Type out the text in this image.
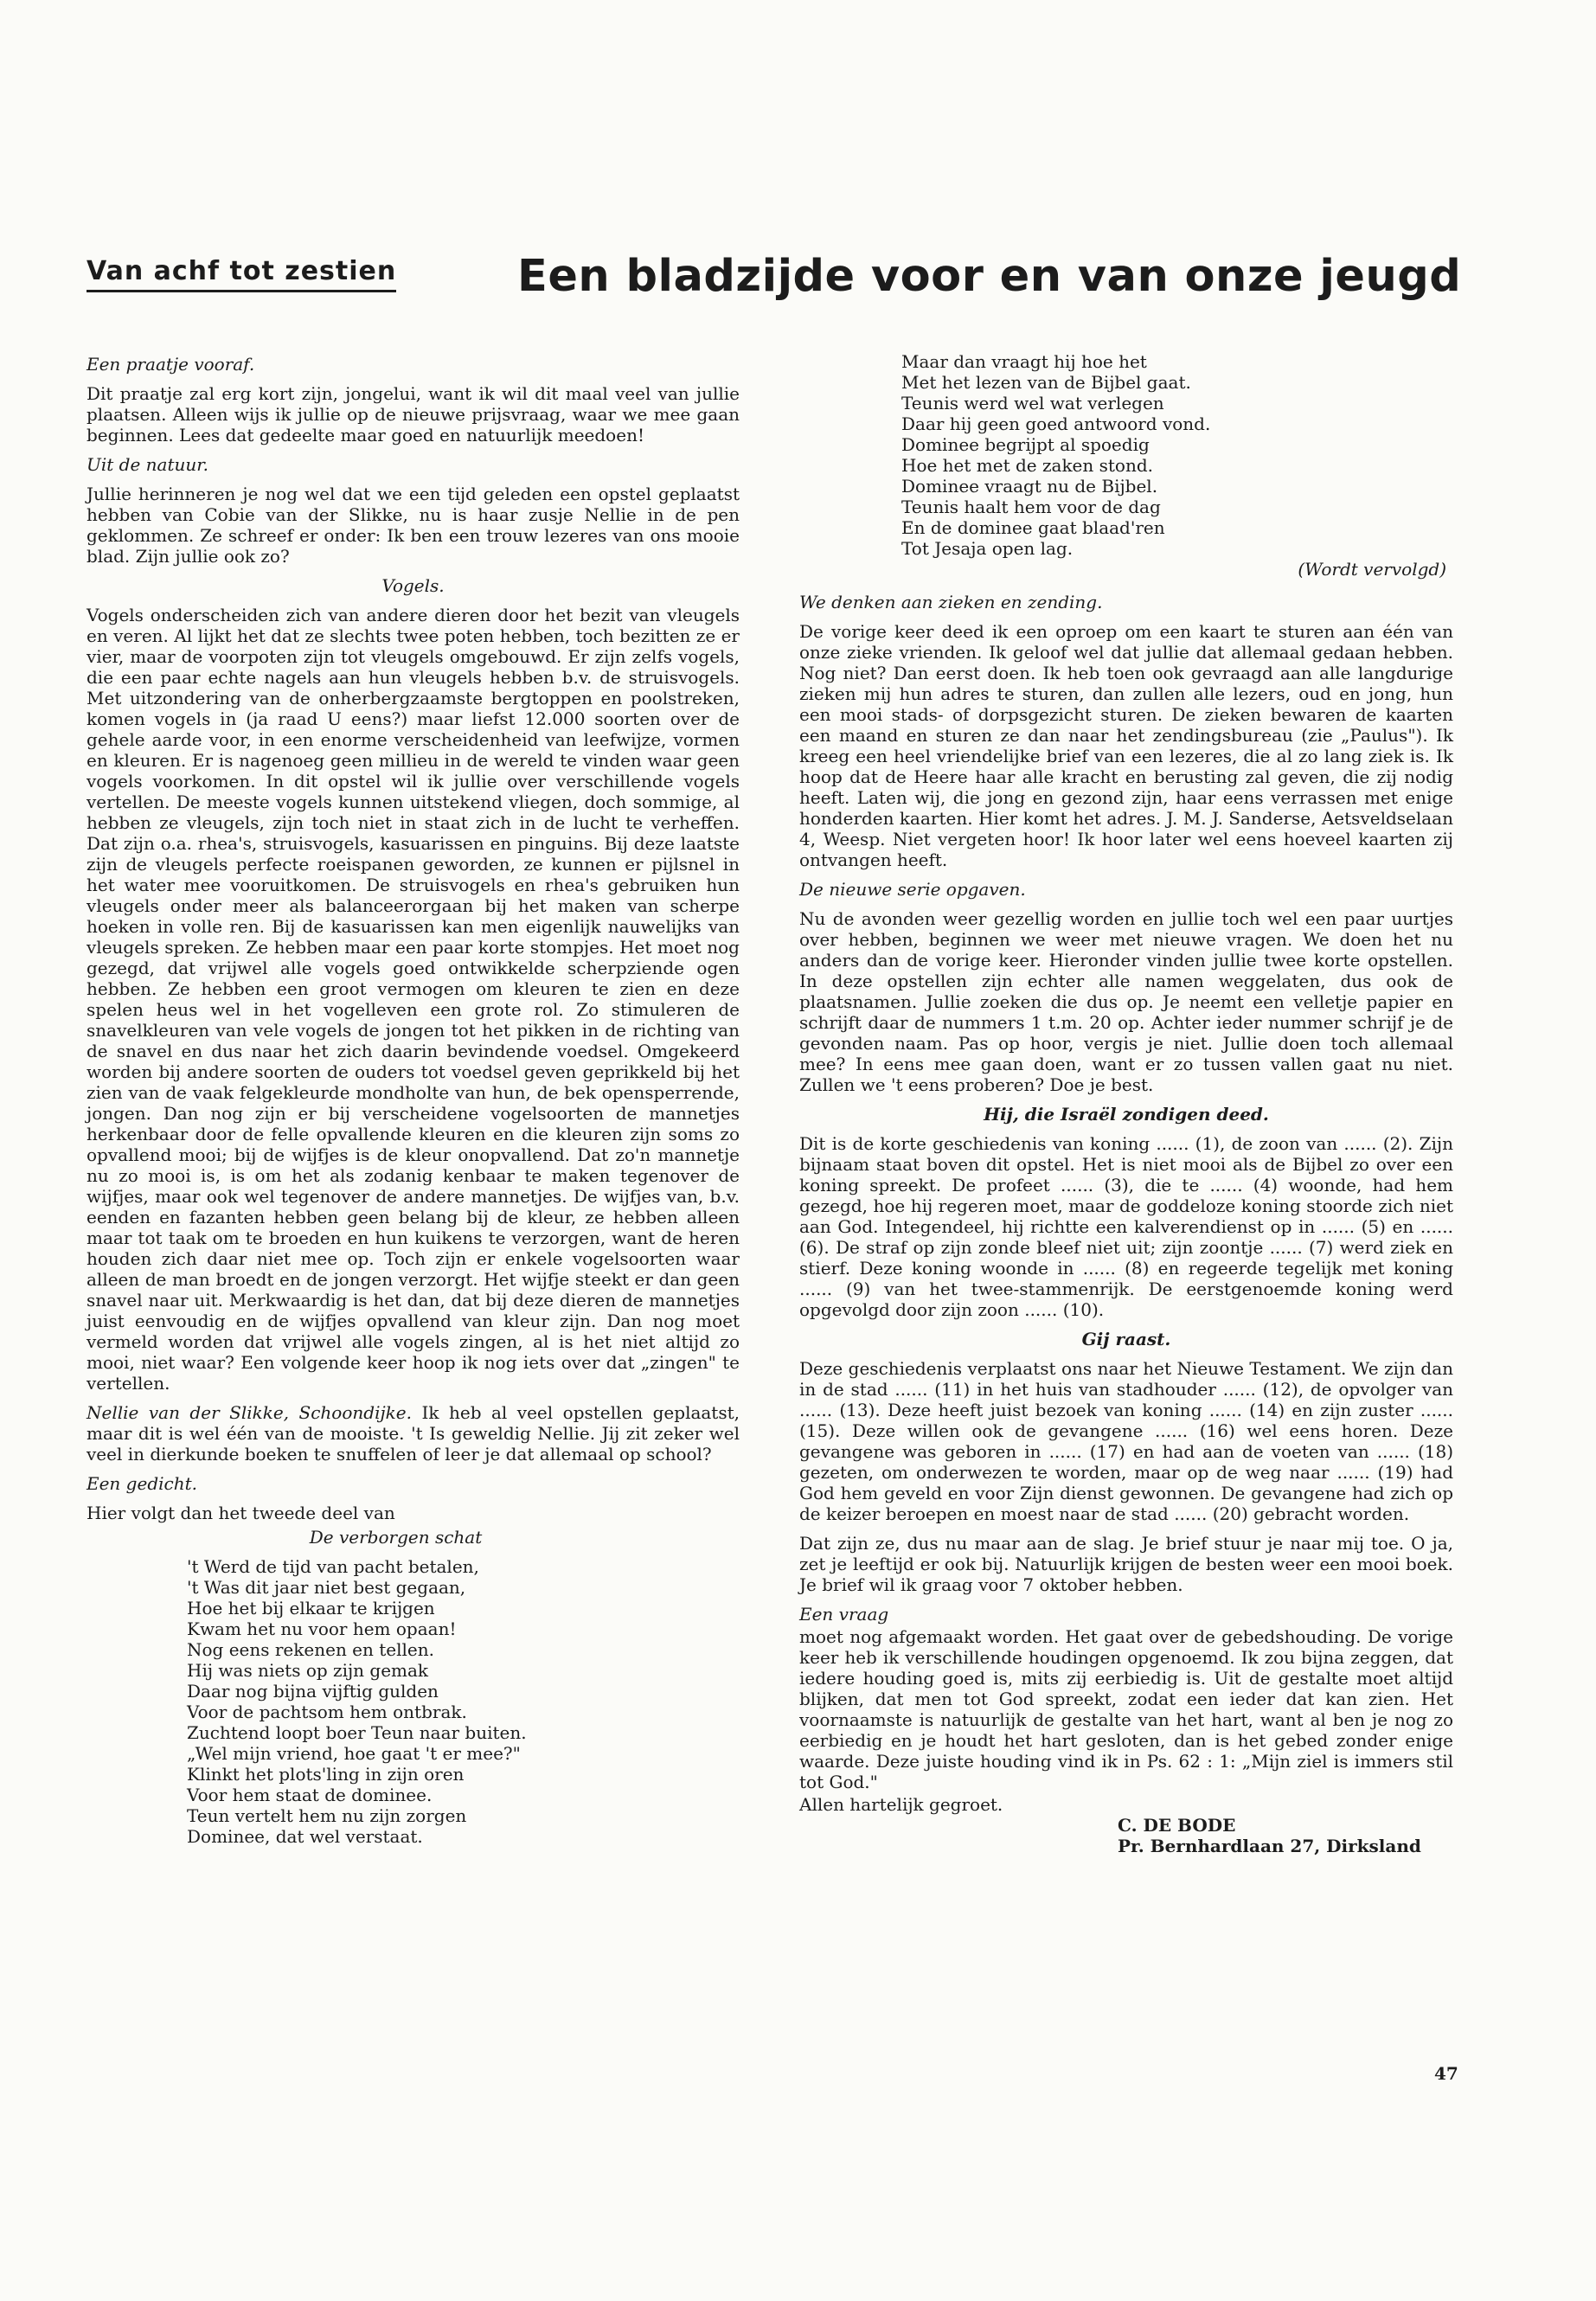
Van achf tot zestien	Een bladzijde voor en van onze jeugd
Een praatje vooraf.

Dit praatje zal erg kort zijn, jongelui, want ik wil dit maal veel van jullie plaatsen. Alleen wijs ik jullie op de nieuwe prijsvraag, waar we mee gaan beginnen. Lees dat gedeelte maar goed en natuurlijk meedoen!

Uit de natuur.

Jullie herinneren je nog wel dat we een tijd geleden een opstel geplaatst hebben van Cobie van der Slikke, nu is haar zusje Nellie in de pen geklommen. Ze schreef er onder: Ik ben een trouw lezeres van ons mooie blad. Zijn jullie ook zo?

Vogels.

Vogels onderscheiden zich van andere dieren door het bezit van vleugels en veren. Al lijkt het dat ze slechts twee poten hebben, toch bezitten ze er vier, maar de voorpoten zijn tot vleugels omgebouwd. Er zijn zelfs vogels, die een paar echte nagels aan hun vleugels hebben b.v. de struisvogels. Met uitzondering van de onherbergzaamste bergtoppen en poolstreken, komen vogels in (ja raad U eens?) maar liefst 12.000 soorten over de gehele aarde voor, in een enorme verscheidenheid van leefwijze, vormen en kleuren. Er is nagenoeg geen millieu in de wereld te vinden waar geen vogels voorkomen. In dit opstel wil ik jullie over verschillende vogels vertellen. De meeste vogels kunnen uitstekend vliegen, doch sommige, al hebben ze vleugels, zijn toch niet in staat zich in de lucht te verheffen. Dat zijn o.a. rhea's, struisvogels, kasuarissen en pinguins. Bij deze laatste zijn de vleugels perfecte roeispanen geworden, ze kunnen er pijlsnel in het water mee vooruitkomen. De struisvogels en rhea's gebruiken hun vleugels onder meer als balanceerorgaan bij het maken van scherpe hoeken in volle ren. Bij de kasuarissen kan men eigenlijk nauwelijks van vleugels spreken. Ze hebben maar een paar korte stompjes. Het moet nog gezegd, dat vrijwel alle vogels goed ontwikkelde scherpziende ogen hebben. Ze hebben een groot vermogen om kleuren te zien en deze spelen heus wel in het vogelleven een grote rol. Zo stimuleren de snavelkleuren van vele vogels de jongen tot het pikken in de richting van de snavel en dus naar het zich daarin bevindende voedsel. Omgekeerd worden bij andere soorten de ouders tot voedsel geven geprikkeld bij het zien van de vaak felgekleurde mondholte van hun, de bek opensperrende, jongen. Dan nog zijn er bij verscheidene vogelsoorten de mannetjes herkenbaar door de felle opvallende kleuren en die kleuren zijn soms zo opvallend mooi; bij de wijfjes is de kleur onopvallend. Dat zo'n mannetje nu zo mooi is, is om het als zodanig kenbaar te maken tegenover de wijfjes, maar ook wel tegenover de andere mannetjes. De wijfjes van, b.v. eenden en fazanten hebben geen belang bij de kleur, ze hebben alleen maar tot taak om te broeden en hun kuikens te verzorgen, want de heren houden zich daar niet mee op. Toch zijn er enkele vogelsoorten waar alleen de man broedt en de jongen verzorgt. Het wijfje steekt er dan geen snavel naar uit. Merkwaardig is het dan, dat bij deze dieren de mannetjes juist eenvoudig en de wijfjes opvallend van kleur zijn. Dan nog moet vermeld worden dat vrijwel alle vogels zingen, al is het niet altijd zo mooi, niet waar? Een volgende keer hoop ik nog iets over dat „zingen" te vertellen.

Nellie van der Slikke, Schoondijke. Ik heb al veel opstellen geplaatst, maar dit is wel één van de mooiste. 't Is geweldig Nellie. Jij zit zeker wel veel in dierkunde boeken te snuffelen of leer je dat allemaal op school?

Een gedicht.

Hier volgt dan het tweede deel van

De verborgen schat
't Werd de tijd van pacht betalen,
't Was dit jaar niet best gegaan,
Hoe het bij elkaar te krijgen
Kwam het nu voor hem opaan!
Nog eens rekenen en tellen.
Hij was niets op zijn gemak
Daar nog bijna vijftig gulden
Voor de pachtsom hem ontbrak.
Zuchtend loopt boer Teun naar buiten.
„Wel mijn vriend, hoe gaat 't er mee?"
Klinkt het plots'ling in zijn oren
Voor hem staat de dominee.
Teun vertelt hem nu zijn zorgen
Dominee, dat wel verstaat.
Maar dan vraagt hij hoe het
Met het lezen van de Bijbel gaat.
Teunis werd wel wat verlegen
Daar hij geen goed antwoord vond.
Dominee begrijpt al spoedig
Hoe het met de zaken stond.
Dominee vraagt nu de Bijbel.
Teunis haalt hem voor de dag
En de dominee gaat blaad'ren
Tot Jesaja open lag.
(Wordt vervolgd)
We denken aan zieken en zending.

De vorige keer deed ik een oproep om een kaart te sturen aan één van onze zieke vrienden. Ik geloof wel dat jullie dat allemaal gedaan hebben. Nog niet? Dan eerst doen. Ik heb toen ook gevraagd aan alle langdurige zieken mij hun adres te sturen, dan zullen alle lezers, oud en jong, hun een mooi stads- of dorpsgezicht sturen. De zieken bewaren de kaarten een maand en sturen ze dan naar het zendingsbureau (zie „Paulus"). Ik kreeg een heel vriendelijke brief van een lezeres, die al zo lang ziek is. Ik hoop dat de Heere haar alle kracht en berusting zal geven, die zij nodig heeft. Laten wij, die jong en gezond zijn, haar eens verrassen met enige honderden kaarten. Hier komt het adres. J. M. J. Sanderse, Aetsveldselaan 4, Weesp. Niet vergeten hoor! Ik hoor later wel eens hoeveel kaarten zij ontvangen heeft.

De nieuwe serie opgaven.

Nu de avonden weer gezellig worden en jullie toch wel een paar uurtjes over hebben, beginnen we weer met nieuwe vragen. We doen het nu anders dan de vorige keer. Hieronder vinden jullie twee korte opstellen. In deze opstellen zijn echter alle namen weggelaten, dus ook de plaatsnamen. Jullie zoeken die dus op. Je neemt een velletje papier en schrijft daar de nummers 1 t.m. 20 op. Achter ieder nummer schrijf je de gevonden naam. Pas op hoor, vergis je niet. Jullie doen toch allemaal mee? In eens mee gaan doen, want er zo tussen vallen gaat nu niet. Zullen we 't eens proberen? Doe je best.

Hij, die Israël zondigen deed.

Dit is de korte geschiedenis van koning ...... (1), de zoon van ...... (2). Zijn bijnaam staat boven dit opstel. Het is niet mooi als de Bijbel zo over een koning spreekt. De profeet ...... (3), die te ...... (4) woonde, had hem gezegd, hoe hij regeren moet, maar de goddeloze koning stoorde zich niet aan God. Integendeel, hij richtte een kalverendienst op in ...... (5) en ...... (6). De straf op zijn zonde bleef niet uit; zijn zoontje ...... (7) werd ziek en stierf. Deze koning woonde in ...... (8) en regeerde tegelijk met koning ...... (9) van het twee-stammenrijk. De eerstgenoemde koning werd opgevolgd door zijn zoon ...... (10).

Gij raast.

Deze geschiedenis verplaatst ons naar het Nieuwe Testament. We zijn dan in de stad ...... (11) in het huis van stadhouder ...... (12), de opvolger van ...... (13). Deze heeft juist bezoek van koning ...... (14) en zijn zuster ...... (15). Deze willen ook de gevangene ...... (16) wel eens horen. Deze gevangene was geboren in ...... (17) en had aan de voeten van ...... (18) gezeten, om onderwezen te worden, maar op de weg naar ...... (19) had God hem geveld en voor Zijn dienst gewonnen. De gevangene had zich op de keizer beroepen en moest naar de stad ...... (20) gebracht worden.

Dat zijn ze, dus nu maar aan de slag. Je brief stuur je naar mij toe. O ja, zet je leeftijd er ook bij. Natuurlijk krijgen de besten weer een mooi boek. Je brief wil ik graag voor 7 oktober hebben.

Een vraag

moet nog afgemaakt worden. Het gaat over de gebedshouding. De vorige keer heb ik verschillende houdingen opgenoemd. Ik zou bijna zeggen, dat iedere houding goed is, mits zij eerbiedig is. Uit de gestalte moet altijd blijken, dat men tot God spreekt, zodat een ieder dat kan zien. Het voornaamste is natuurlijk de gestalte van het hart, want al ben je nog zo eerbiedig en je houdt het hart gesloten, dan is het gebed zonder enige waarde. Deze juiste houding vind ik in Ps. 62 : 1: „Mijn ziel is immers stil tot God."

Allen hartelijk gegroet.
C. DE BODE
Pr. Bernhardlaan 27, Dirksland
47
